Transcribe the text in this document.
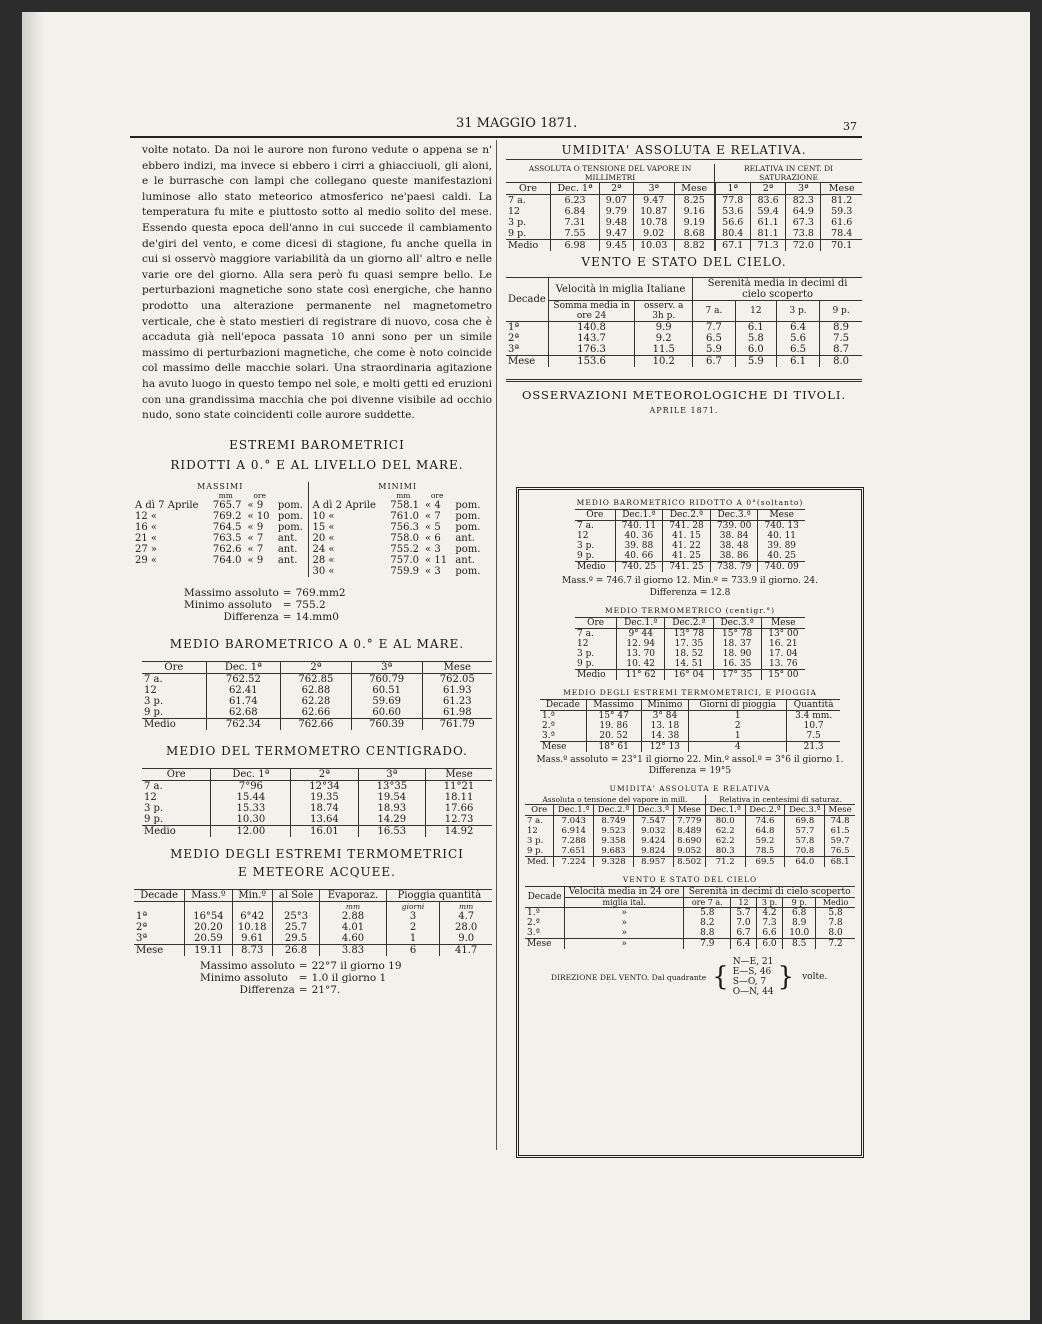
31 MAGGIO 1871.	37

volte notato. Da noi le aurore non furono vedute o appena se n' ebbero indizi, ma invece si ebbero i cirri a ghiacciuoli, gli aloni, e le burrasche con lampi che collegano queste manifestazioni luminose allo stato meteorico atmosferico ne'paesi caldi. La temperatura fu mite e piuttosto sotto al medio solito del mese. Essendo questa epoca dell'anno in cui succede il cambiamento de'giri del vento, e come dicesi di stagione, fu anche quella in cui si osservò maggiore variabilità da un giorno all' altro e nelle varie ore del giorno. Alla sera però fu quasi sempre bello. Le perturbazioni magnetiche sono state così energiche, che hanno prodotto una alterazione permanente nel magnetometro verticale, che è stato mestieri di registrare di nuovo, cosa che è accaduta già nell'epoca passata 10 anni sono per un simile massimo di perturbazioni magnetiche, che come è noto coincide col massimo delle macchie solari. Una straordinaria agitazione ha avuto luogo in questo tempo nel sole, e molti getti ed eruzioni con una grandissima macchia che poi divenne visibile ad occhio nudo, sono state coincidenti colle aurore suddette.

ESTREMI BAROMETRICI

RIDOTTI A 0.° E AL LIVELLO DEL MARE.

MASSIMI				MINIMI			
	mm	ore			mm	ore	
A dì 7 Aprile	765.7	« 9	pom.	A dì 2 Aprile	758.1	« 4	pom.
12 «	769.2	« 10	pom.	10 «	761.0	« 7	pom.
16 «	764.5	« 9	pom.	15 «	756.3	« 5	pom.
21 «	763.5	« 7	ant.	20 «	758.0	« 6	ant.
27 »	762.6	« 7	ant.	24 «	755.2	« 3	pom.
29 «	764.0	« 9	ant.	28 «	757.0	« 11	ant.
				30 «	759.9	« 3	pom.
Massimo assoluto	=	769.mm2
Minimo assoluto	=	755.2
Differenza	=	14.mm0

MEDIO BAROMETRICO A 0.° E AL MARE.

Ore	Dec. 1ª	2ª	3ª	Mese
7 a.	762.52	762.85	760.79	762.05
12	62.41	62.88	60.51	61.93
3 p.	61.74	62.28	59.69	61.23
9 p.	62.68	62.66	60.60	61.98
Medio	762.34	762.66	760.39	761.79

MEDIO DEL TERMOMETRO CENTIGRADO.

Ore	Dec. 1ª	2ª	3ª	Mese
7 a.	7°96	12°34	13°35	11°21
12	15.44	19.35	19.54	18.11
3 p.	15.33	18.74	18.93	17.66
9 p.	10.30	13.64	14.29	12.73
Medio	12.00	16.01	16.53	14.92

MEDIO DEGLI ESTREMI TERMOMETRICI

E METEORE ACQUEE.

Decade	Mass.º	Min.º	al Sole	Evaporaz.	Pioggia quantità	
				mm	giorni	mm
1ª	16°54	6°42	25°3	2.88	3	4.7
2ª	20.20	10.18	25.7	4.01	2	28.0
3ª	20.59	9.61	29.5	4.60	1	9.0
Mese	19.11	8.73	26.8	3.83	6	41.7
Massimo assoluto	=	22°7 il giorno 19
Minimo assoluto	=	1.0 il giorno 1
Differenza	=	21°7.

UMIDITA' ASSOLUTA E RELATIVA.

ASSOLUTA O TENSIONE DEL VAPORE IN MILLIMETRI					RELATIVA IN CENT. DI SATURAZIONE			
Ore	Dec. 1ª	2ª	3ª	Mese	1ª	2ª	3ª	Mese
7 a.	6.23	9.07	9.47	8.25	77.8	83.6	82.3	81.2
12	6.84	9.79	10.87	9.16	53.6	59.4	64.9	59.3
3 p.	7.31	9.48	10.78	9.19	56.6	61.1	67.3	61.6
9 p.	7.55	9.47	9.02	8.68	80.4	81.1	73.8	78.4
Medio	6.98	9.45	10.03	8.82	67.1	71.3	72.0	70.1

VENTO E STATO DEL CIELO.

Decade	Velocità in miglia Italiane		Serenità media in decimi di cielo scoperto			
	Somma media in ore 24	osserv. a 3h p.	7 a.	12	3 p.	9 p.
1ª	140.8	9.9	7.7	6.1	6.4	8.9
2ª	143.7	9.2	6.5	5.8	5.6	7.5
3ª	176.3	11.5	5.9	6.0	6.5	8.7
Mese	153.6	10.2	6.7	5.9	6.1	8.0

OSSERVAZIONI METEOROLOGICHE DI TIVOLI.

APRILE 1871.

MEDIO BAROMETRICO RIDOTTO A 0°(soltanto)

Ore	Dec.1.ª	Dec.2.ª	Dec.3.ª	Mese
7 a.	740. 11	741. 28	739. 00	740. 13
12	40. 36	41. 15	38. 84	40. 11
3 p.	39. 88	41. 22	38. 48	39. 89
9 p.	40. 66	41. 25	38. 86	40. 25
Medio	740. 25	741. 25	738. 79	740. 09

Mass.º = 746.7 il giorno 12. Min.º = 733.9 il giorno. 24.

Differenza = 12.8

MEDIO TERMOMETRICO (centigr.°)

Ore	Dec.1.ª	Dec.2.ª	Dec.3.ª	Mese
7 a.	9° 44	13° 78	15° 78	13° 00
12	12. 94	17. 35	18. 37	16. 21
3 p.	13. 70	18. 52	18. 90	17. 04
9 p.	10. 42	14. 51	16. 35	13. 76
Medio	11° 62	16° 04	17° 35	15° 00

MEDIO DEGLI ESTREMI TERMOMETRICI, E PIOGGIA

Decade	Massimo	Minimo	Giorni di pioggia	Quantità
1.ª	15° 47	3° 84	1	3.4 mm.
2.ª	19. 86	13. 18	2	10.7
3.ª	20. 52	14. 38	1	7.5
Mese	18° 61	12° 13	4	21.3

Mass.º assoluto = 23°1 il giorno 22. Min.º assol.º = 3°6 il giorno 1.

Differenza = 19°5

UMIDITA' ASSOLUTA E RELATIVA

Assoluta o tensione del vapore in mill.					Relativa in centesimi di saturaz.			
Ore	Dec.1.ª	Dec.2.ª	Dec.3.ª	Mese	Dec.1.ª	Dec.2.ª	Dec.3.ª	Mese
7 a.	7.043	8.749	7.547	7.779	80.0	74.6	69.8	74.8
12	6.914	9.523	9.032	8.489	62.2	64.8	57.7	61.5
3 p.	7.288	9.358	9.424	8.690	62.2	59.2	57.8	59.7
9 p.	7.651	9.683	9.824	9.052	80.3	78.5	70.8	76.5
Med.	7.224	9.328	8.957	8.502	71.2	69.5	64.0	68.1

VENTO E STATO DEL CIELO

Decade	Velocità media in 24 ore	Serenità in decimi di cielo scoperto				
	miglia ital.	ore 7 a.	12	3 p.	9 p.	Medio
1.ª	»	5.8	5.7	4.2	6.8	5.8
2.ª	»	8.2	7.0	7.3	8.9	7.8
3.ª	»	8.8	6.7	6.6	10.0	8.0
Mese	»	7.9	6.4	6.0	8.5	7.2
DIREZIONE DEL VENTO. Dal quadrante	{	N—E, 21
E—S, 46
S—O, 7
O—N, 44	}	volte.
